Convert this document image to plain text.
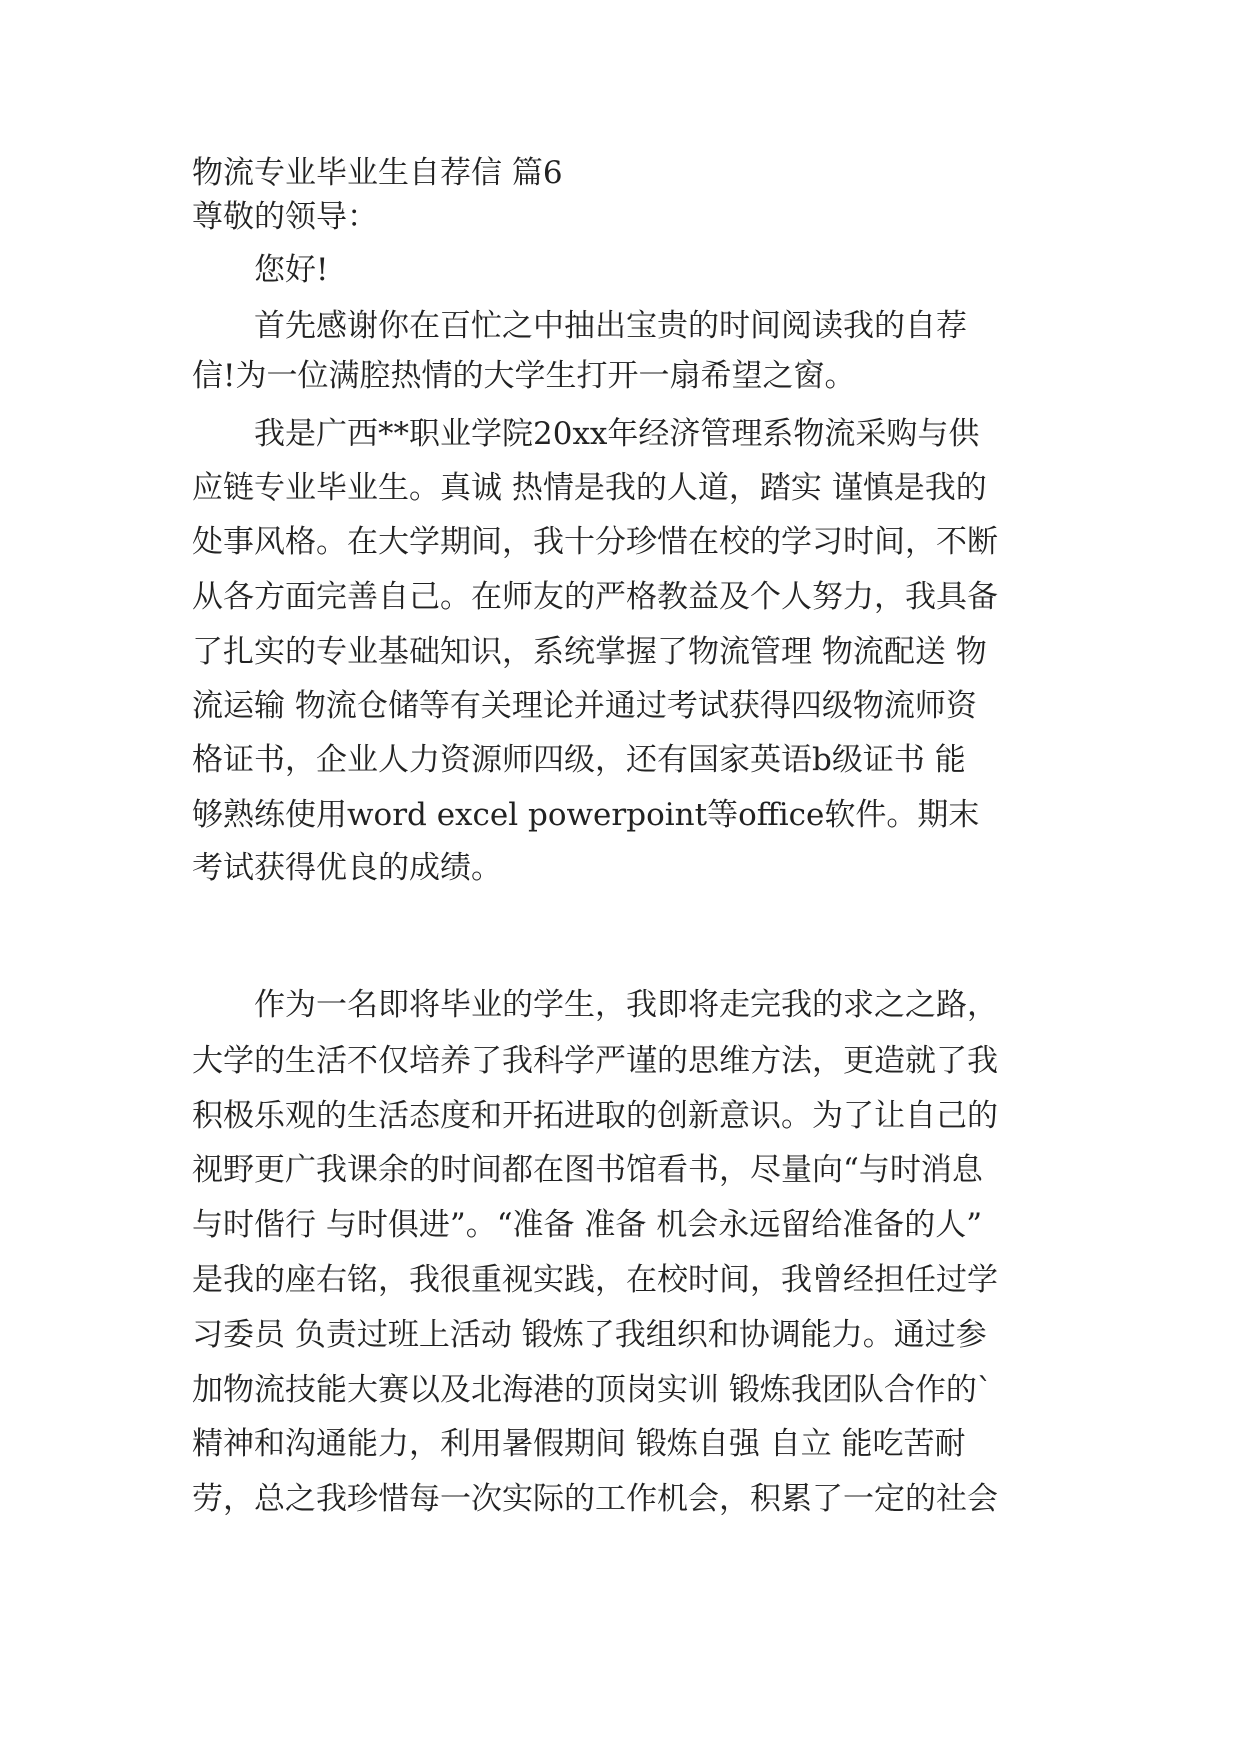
物流专业毕业生自荐信 篇6
尊敬的领导：
　　您好!
　　首先感谢你在百忙之中抽出宝贵的时间阅读我的自荐
信!为一位满腔热情的大学生打开一扇希望之窗。
　　我是广西**职业学院20xx年经济管理系物流采购与供
应链专业毕业生。真诚 热情是我的人道，踏实 谨慎是我的
处事风格。在大学期间，我十分珍惜在校的学习时间，不断
从各方面完善自己。在师友的严格教益及个人努力，我具备
了扎实的专业基础知识，系统掌握了物流管理 物流配送 物
流运输 物流仓储等有关理论并通过考试获得四级物流师资
格证书，企业人力资源师四级，还有国家英语b级证书 能
够熟练使用word excel powerpoint等office软件。期末
考试获得优良的成绩。
　　作为一名即将毕业的学生，我即将走完我的求之之路，
大学的生活不仅培养了我科学严谨的思维方法，更造就了我
积极乐观的生活态度和开拓进取的创新意识。为了让自己的
视野更广我课余的时间都在图书馆看书，尽量向“与时消息
与时偕行 与时俱进”。“准备 准备 机会永远留给准备的人”
是我的座右铭，我很重视实践，在校时间，我曾经担任过学
习委员 负责过班上活动 锻炼了我组织和协调能力。通过参
加物流技能大赛以及北海港的顶岗实训 锻炼我团队合作的`
精神和沟通能力，利用暑假期间 锻炼自强 自立 能吃苦耐
劳，总之我珍惜每一次实际的工作机会，积累了一定的社会
